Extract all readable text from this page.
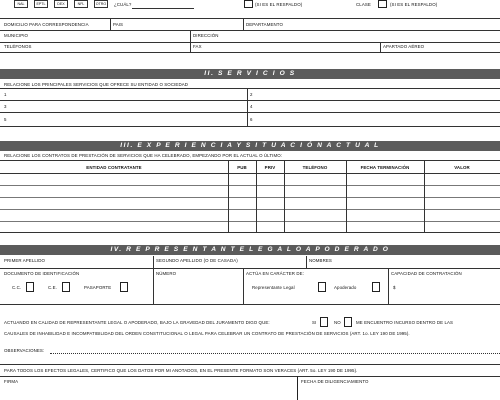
NAL	EPTL	DEX	NFL	OTRO	¿CUÁL?	(SI ES EL RESPALDO)	CLASE	(SI ES EL RESPALDO)
DOMICILIO PARA CORRESPONDENCIA	PAIS	DEPARTAMENTO
MUNICIPIO	DIRECCIÓN
TELÉFONOS	FAX	APARTADO AÉREO
II. S E R V I C I O S
RELACIONE LOS PRINCIPALES SERVICIOS QUE OFRECE SU ENTIDAD O SOCIEDAD
1	2
3	4
5	6
III. E X P E R I E N C I A Y S I T U A C I Ó N A C T U A L
RELACIONE LOS CONTRATOS DE PRESTACIÓN DE SERVICIOS QUE HA CELEBRADO, EMPEZANDO POR EL ACTUAL O ÚLTIMO:
ENTIDAD CONTRATANTE	PUB	PRIV	TELÉFONO	FECHA TERMINACIÓN	VALOR
IV. R E P R E S E N T A N T E L E G A L O A P O D E R A D O
PRIMER APELLIDO	SEGUNDO APELLIDO (O DE CASADA)	NOMBRES
DOCUMENTO DE IDENTIFICACIÓN
C.C.	C.E.	PASAPORTE
NÚMERO	ACTÚA EN CARÁCTER DE:
Representante Legal	Apoderado
CAPACIDAD DE CONTRATACIÓN
$
ACTUANDO EN CALIDAD DE REPRESENTANTE LEGAL O APODERADO, BAJO LA GRAVEDAD DEL JURAMENTO DIGO QUE:	SI	NO	ME ENCUENTRO INCURSO DENTRO DE LAS
CAUSALES DE INHABILIDAD E INCOMPATIBILIDAD DEL ORDEN CONSTITUCIONAL O LEGAL PARA CELEBRAR UN CONTRATO DE PRESTACIÓN DE SERVICIOS (ART. 1o. LEY 190 DE 1995).
OBSERVACIONES:
PARA TODOS LOS EFECTOS LEGALES, CERTIFICO QUE LOS DATOS POR MI ANOTADOS, EN EL PRESENTE FORMATO SON VERACES (ART. 5o. LEY 190 DE 1995).
FIRMA	FECHA DE DILIGENCIAMIENTO
